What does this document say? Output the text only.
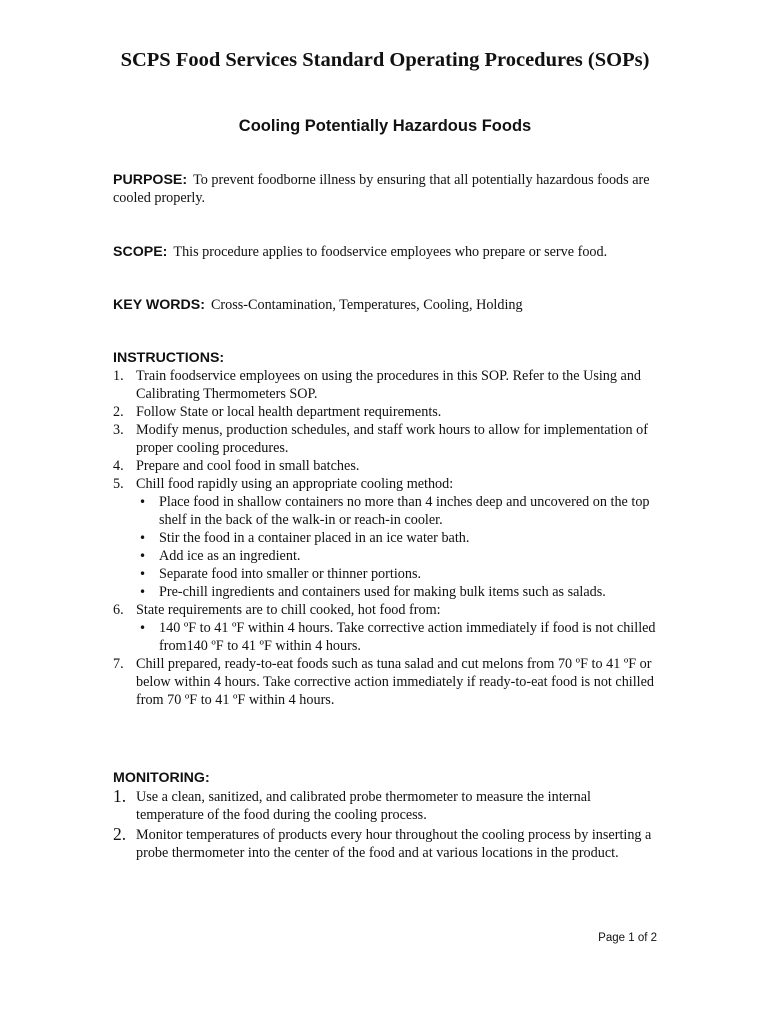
SCPS Food Services Standard Operating Procedures (SOPs)
Cooling Potentially Hazardous Foods
PURPOSE: To prevent foodborne illness by ensuring that all potentially hazardous foods are cooled properly.
SCOPE: This procedure applies to foodservice employees who prepare or serve food.
KEY WORDS: Cross-Contamination, Temperatures, Cooling, Holding
INSTRUCTIONS:
1. Train foodservice employees on using the procedures in this SOP. Refer to the Using and Calibrating Thermometers SOP.
2. Follow State or local health department requirements.
3. Modify menus, production schedules, and staff work hours to allow for implementation of proper cooling procedures.
4. Prepare and cool food in small batches.
5. Chill food rapidly using an appropriate cooling method:
• Place food in shallow containers no more than 4 inches deep and uncovered on the top shelf in the back of the walk-in or reach-in cooler.
• Stir the food in a container placed in an ice water bath.
• Add ice as an ingredient.
• Separate food into smaller or thinner portions.
• Pre-chill ingredients and containers used for making bulk items such as salads.
6. State requirements are to chill cooked, hot food from:
• 140 ºF to 41 ºF within 4 hours. Take corrective action immediately if food is not chilled from140 ºF to 41 ºF within 4 hours.
7. Chill prepared, ready-to-eat foods such as tuna salad and cut melons from 70 ºF to 41 ºF or below within 4 hours. Take corrective action immediately if ready-to-eat food is not chilled from 70 ºF to 41 ºF within 4 hours.
MONITORING:
1. Use a clean, sanitized, and calibrated probe thermometer to measure the internal temperature of the food during the cooling process.
2. Monitor temperatures of products every hour throughout the cooling process by inserting a probe thermometer into the center of the food and at various locations in the product.
Page 1 of 2
